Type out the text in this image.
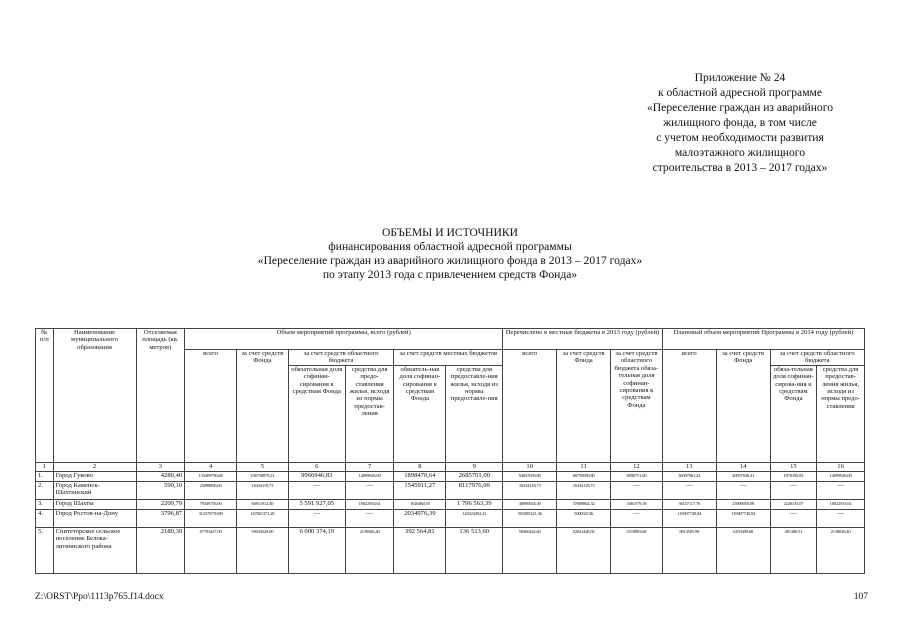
Приложение № 24
к областной адресной программе
«Переселение граждан из аварийного
жилищного фонда, в том числе
с учетом необходимости развития
малоэтажного жилищного
строительства в 2013 – 2017 годах»
ОБЪЕМЫ И ИСТОЧНИКИ
финансирования областной адресной программы
«Переселение граждан из аварийного жилищного фонда в 2013 – 2017 годах»
по этапу 2013 года с привлечением средств Фонда»
№ п/п	Наименование муниципального образования	Отселяемая площадь (кв. метров)	Объем мероприятий программы, всего (рублей)						Перечислено в местные бюджеты в 2013 году (рублей)			Плановый объем мероприятий Программы в 2014 году (рублей)			
			всего	за счет средств Фонда	за счет средств областного бюджета		за счет средств местных бюджетов		всего	за счет средств Фонда	за счет средств областного бюджета обяза-тельная доля софинан-сирования к средствам Фонда	всего	за счет средств Фонда	за счет средств областного бюджета	
					обязательная доля софинан-сирования к средствам Фонда	средства для предо-ставления жилья, исходя из нормы предостав-ления	обязатель-ная доля софинан-сирования к средствам Фонда	средства для предоставле-ния жилья, исходя из нормы предоставле-ния						обяза-тельная доля софинан-сирова-ния к средствам Фонда	средства для предостав-ления жилья, исходя из нормы предо-ставления
1	2	3	4	5	6	7	8	9	10	11	12	13	14	15	16
1.	Город Гуково	4280,40	135409796,68	106758879,21	9966946,83	14099926,00	1898470,64	2685701,00	94847659,80	86759090,80	8096751,00	36007961,24	20057848,41	1870195,83	14099926,00
2.	Город Каменск-Шахтинский	590,10	25098890,60	16334118,73	—	—	1545911,27	8117976,00	16334118,73	16334118,73	—	—	—	—	—
3.	Город Шахты	2209,79	79349756,00	60911912,40	5 591 927,05	10022933,61	1026460,55	1 796 563,39	40890654,30	37008862,32	3361579,18	36157117,76	23908050,08	2226135,07	10022933,61
4.	Город Ростов-на-Дону	3796,87	312370739,80	167001371,20	—	—	2034976,39	143324392,21	501085321,36	500032136	—	116907749,84	116907749,84	—	—
5.	Спитеторское сельское поселение Белока-литвинского района	2180,30	67703427,00	59034528,00	6 000 374,19	2139926,40	392 564,81	136 513,60	58360422,60	52841428,92	5518993,68	8813505,99	6193499,68	481380,51	2138026,40
Z:\ORST\Ppo\1113p765.f14.docx	107
